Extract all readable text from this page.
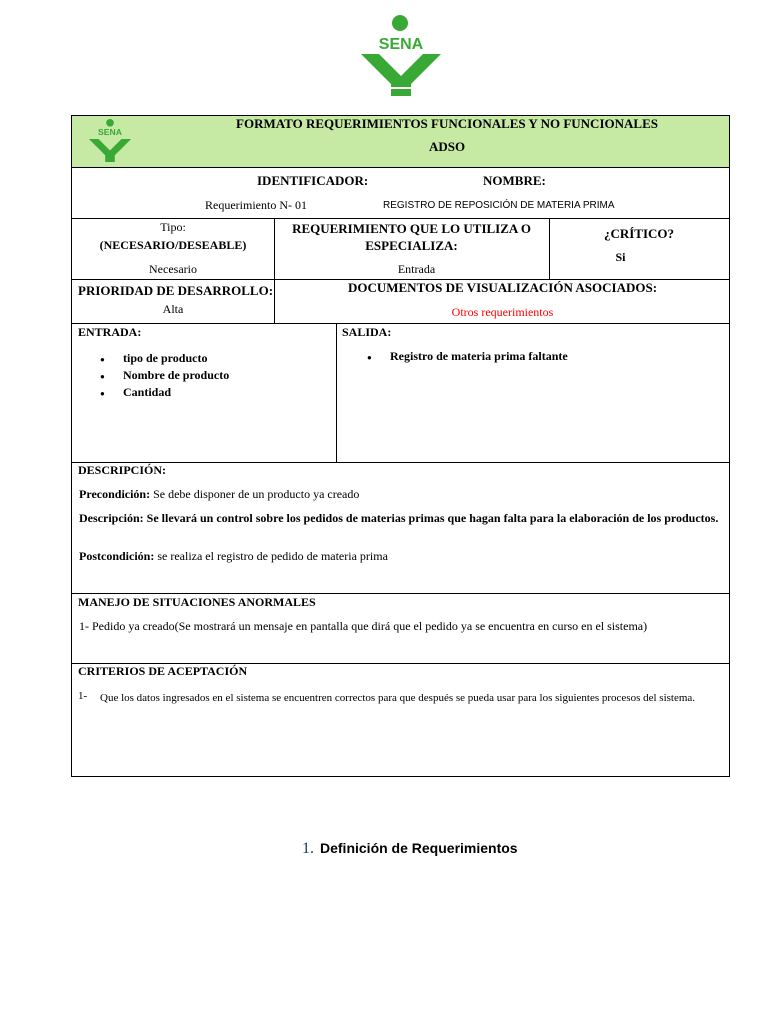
SENA
SENA
FORMATO REQUERIMIENTOS FUNCIONALES Y NO FUNCIONALES
ADSO
IDENTIFICADOR:	NOMBRE:
Requerimiento N- 01	REGISTRO DE REPOSICIÓN DE MATERIA PRIMA
Tipo:
(NECESARIO/DESEABLE)
Necesario
REQUERIMIENTO QUE LO UTILIZA O
ESPECIALIZA:
Entrada
¿CRÍTICO?
Si
PRIORIDAD DE DESARROLLO:
Alta
DOCUMENTOS DE VISUALIZACIÓN ASOCIADOS:
Otros requerimientos
ENTRADA:
● tipo de producto
● Nombre de producto
● Cantidad
SALIDA:
● Registro de materia prima faltante
DESCRIPCIÓN:
Precondición: Se debe disponer de un producto ya creado
Descripción: Se llevará un control sobre los pedidos de materias primas que hagan falta para la elaboración de los productos.
Postcondición: se realiza el registro de pedido de materia prima
MANEJO DE SITUACIONES ANORMALES
1- Pedido ya creado(Se mostrará un mensaje en pantalla que dirá que el pedido ya se encuentra en curso en el sistema)
CRITERIOS DE ACEPTACIÓN
1- Que los datos ingresados en el sistema se encuentren correctos para que después se pueda usar para los siguientes procesos del sistema.
1. Definición de Requerimientos
